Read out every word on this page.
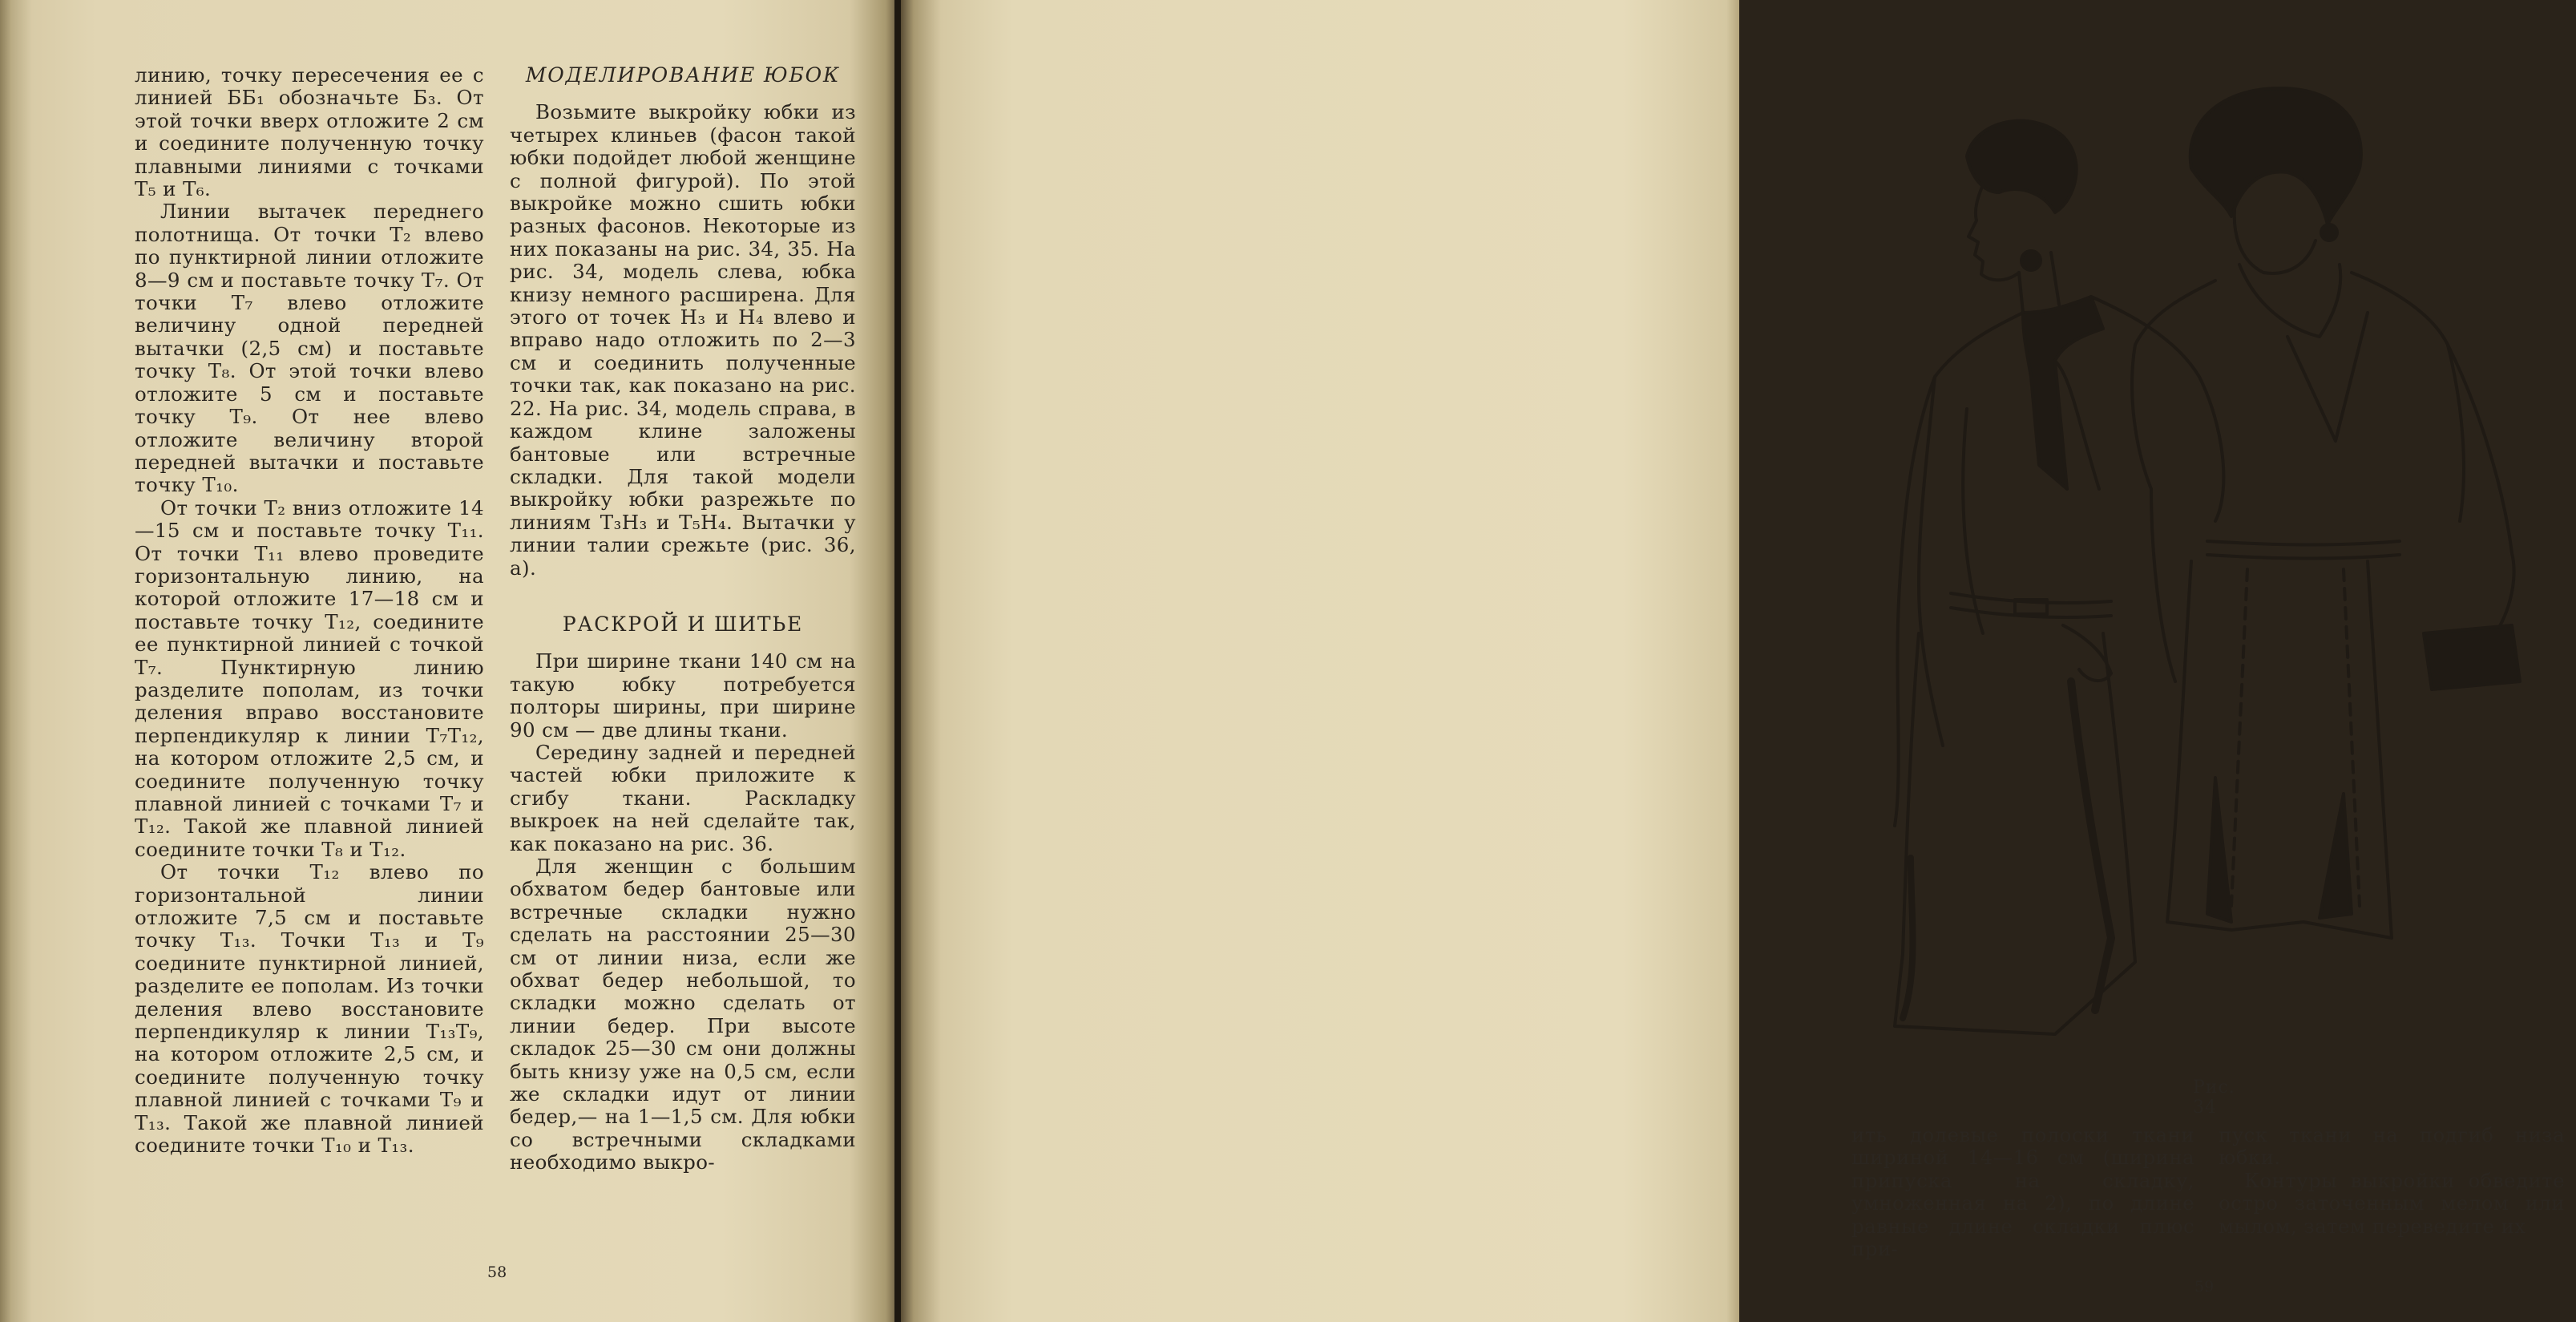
линию, точку пересечения ее с линией ББ₁ обозначьте Б₃. От этой точки вверх отложите 2 см и соедините полученную точку плавными линиями с точками Т₅ и Т₆.

Линии вытачек переднего полотнища. От точки Т₂ влево по пунктирной линии отложите 8—9 см и поставьте точку Т₇. От точки Т₇ влево отложите величину одной передней вытачки (2,5 см) и поставьте точку Т₈. От этой точки влево отложите 5 см и поставьте точку Т₉. От нее влево отложите величину второй передней вытачки и поставьте точку Т₁₀.

От точки Т₂ вниз отложите 14—15 см и поставьте точку Т₁₁. От точки Т₁₁ влево проведите горизонтальную линию, на которой отложите 17—18 см и поставьте точку Т₁₂, соедините ее пунктирной линией с точкой Т₇. Пунктирную линию разделите пополам, из точки деления вправо восстановите перпендикуляр к линии Т₇Т₁₂, на котором отложите 2,5 см, и соедините полученную точку плавной линией с точками Т₇ и Т₁₂. Такой же плавной линией соедините точки Т₈ и Т₁₂.

От точки Т₁₂ влево по горизонтальной линии отложите 7,5 см и поставьте точку Т₁₃. Точки Т₁₃ и Т₉ соедините пунктирной линией, разделите ее пополам. Из точки деления влево восстановите перпендикуляр к линии Т₁₃Т₉, на котором отложите 2,5 см, и соедините полученную точку плавной линией с точками Т₉ и Т₁₃. Такой же плавной линией соедините точки Т₁₀ и Т₁₃.

МОДЕЛИРОВАНИЕ ЮБОК

Возьмите выкройку юбки из четырех клиньев (фасон такой юбки подойдет любой женщине с полной фигурой). По этой выкройке можно сшить юбки разных фасонов. Некоторые из них показаны на рис. 34, 35. На рис. 34, модель слева, юбка книзу немного расширена. Для этого от точек Н₃ и Н₄ влево и вправо надо отложить по 2—3 см и соединить полученные точки так, как показано на рис. 22. На рис. 34, модель справа, в каждом клине заложены бантовые или встречные складки. Для такой модели выкройку юбки разрежьте по линиям Т₃Н₃ и Т₅Н₄. Вытачки у линии талии срежьте (рис. 36, а).

РАСКРОЙ И ШИТЬЕ

При ширине ткани 140 см на такую юбку потребуется полторы ширины, при ширине 90 см — две длины ткани.

Середину задней и передней частей юбки приложите к сгибу ткани. Раскладку выкроек на ней сделайте так, как показано на рис. 36.

Для женщин с большим обхватом бедер бантовые или встречные складки нужно сделать на расстоянии 25—30 см от линии низа, если же обхват бедер небольшой, то складки можно сделать от линии бедер. При высоте складок 25—30 см они должны быть книзу уже на 0,5 см, если же складки идут от линии бедер,— на 1—1,5 см. Для юбки со встречными складками необходимо выкро-

58
Рис. 34

ить долевые полоски ткани шириной 14—16 см (ширина припуска на складку, умноженная на 2), по длине равные длине складки плюс при-

пуск ткани на подгиб низа юбки.

Контуры выкройки обведите остро заточенным мелом или мылом, затем переведите их

59
